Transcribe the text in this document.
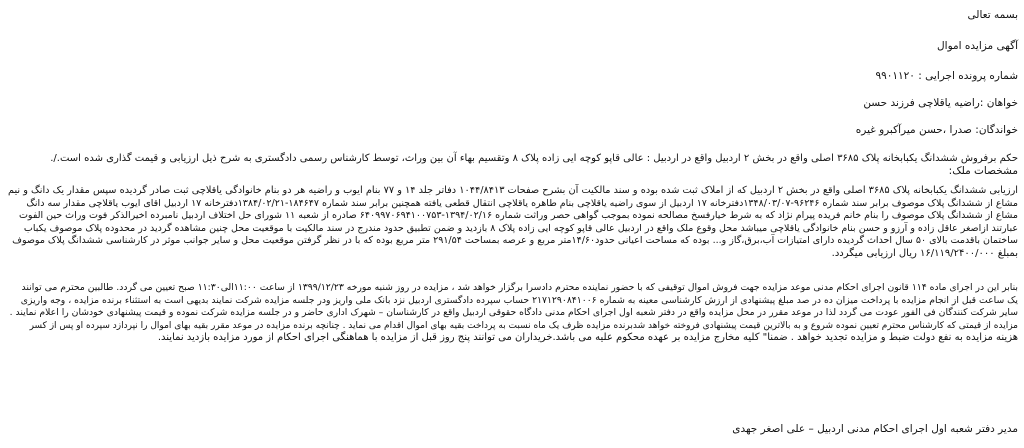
بسمه تعالی
آگهی مزایده اموال
شماره پرونده اجرایی : ۹۹۰۱۱۲۰
خواهان :راضیه یاقلاچی فرزند حسن
خواندگان: صدرا ،حسن میرآکبرو غیره
حکم برفروش ششدانگ یکبابخانه پلاک ۳۶۸۵ اصلی واقع در بخش ۲ اردبیل واقع در اردبیل : عالی قاپو کوچه ایی زاده پلاک ۸ وتقسیم بهاء آن بین وراث، توسط کارشناس رسمی دادگستری به شرح ذیل ارزیابی و قیمت گذاری شده است./.
مشخصات ملک:

ارزیابی ششدانگ یکبابخانه پلاک ۳۶۸۵ اصلی واقع در بخش ۲ اردبیل که از املاک ثبت شده بوده و سند مالکیت آن بشرح صفحات ۱۰۴۴/۸۴۱۳ دفاتر جلد ۱۴ و ۷۷ بنام ایوب و راضیه هر دو بنام خانوادگی یاقلاچی ثبت صادر گردیده سپس مقدار یک دانگ و نیم

مشاع از ششدانگ پلاک موصوف برابر سند شماره ۹۶۲۴۶-۱۳۴۸/۰۳/۰۷دفترخانه ۱۷ اردبیل از سوی راضیه یاقلاچی بنام طاهره یاقلاچی انتقال قطعی یافته همچنین برابر سند شماره ۱۸۴۶۴۷-۱۳۸۴/۰۲/۲۱دفترخانه ۱۷ اردبیل اقای ایوب یاقلاچی مقدار سه دانگ

مشاع از ششدانگ پلاک موصوف را بنام خانم فریده پیرام نژاد که به شرط خیارفسخ مصالحه نموده بموجب گواهی حصر وراثت شماره ۱۳۹۴/۰۲/۱۶-۶۴۰۹۹۷۰۶۹۴۱۰۰۷۵۳ صادره از شعبه ۱۱ شورای حل اختلاف اردبیل نامبرده اخیرالذکر فوت وراث حین الفوت

عبارتند ازاصغر عاقل زاده و آرزو و حسن بنام خانوادگی یاقلاچی میباشد محل وقوع ملک واقع در اردبیل عالی قاپو کوچه ایی زاده پلاک ۸ بازدید و ضمن تطبیق حدود مندرج در سند مالکیت با موقعیت محل چنین مشاهده گردید در محدوده پلاک موصوف یکباب

ساختمان باقدمت بالای ۵۰ سال احداث گردیده دارای امتیازات آب،برق،گاز و... بوده که مساحت اعیانی حدود۱۴/۶۰متر مربع و عرصه بمساحت ۲۹۱/۵۴ متر مربع بوده که با در نظر گرفتن موقعیت محل و سایر جوانب موثر در کارشناسی ششدانگ پلاک موصوف

بمبلغ ۱۶/۱۱۹/۲۴۰۰/۰۰۰ ریال ارزیابی میگردد.

بنابر این در اجرای ماده ۱۱۴ قانون اجرای احکام مدنی موعد مزایده جهت فروش اموال توقیفی که با حضور نماینده محترم دادسرا برگزار خواهد شد ، مزایده در روز شنبه مورخه ۱۳۹۹/۱۲/۲۳ از ساعت ۱۱:۰۰الی۱۱:۳۰ صبح تعیین می گردد. طالبین محترم می توانند

یک ساعت قبل از انجام مزایده با پرداخت میزان ده در صد مبلغ پیشنهادی از ارزش کارشناسی معینه به شماره ۲۱۷۱۲۹۰۸۴۱۰۰۶ حساب سپرده دادگستری اردبیل نزد بانک ملی واریز ودر جلسه مزایده شرکت نمایند بدیهی است به استثناء برنده مزایده ، وجه واریزی

سایر شرکت کنندگان فی الفور عودت می گردد لذا در موعد مقرر در محل مزایده واقع در دفتر شعبه اول اجرای احکام مدنی دادگاه حقوقی اردبیل واقع در کارشناسان – شهرک اداری حاضر و در جلسه مزایده شرکت نموده و قیمت پیشنهادی خودشان را اعلام نمایند .

مزایده از قیمتی که کارشناس محترم تعیین نموده شروع و به بالاترین قیمت پیشنهادی فروخته خواهد شدبرنده مزایده ظرف یک ماه نسبت به پرداخت بقیه بهای اموال اقدام می نماید . چنانچه برنده مزایده در موعد مقرر بقیه بهای اموال را نپردازد سپرده او پس از کسر

هزینه مزایده به نفع دولت ضبط و مزایده تجدید خواهد . ضمنا" کلیه مخارج مزایده بر عهده محکوم علیه می باشد.خریداران می توانند پنج روز قبل از مزایده با هماهنگی اجرای احکام از مورد مزایده بازدید نمایند.

مدیر دفتر شعبه اول اجرای احکام مدنی اردبیل – علی اصغر جهدی
